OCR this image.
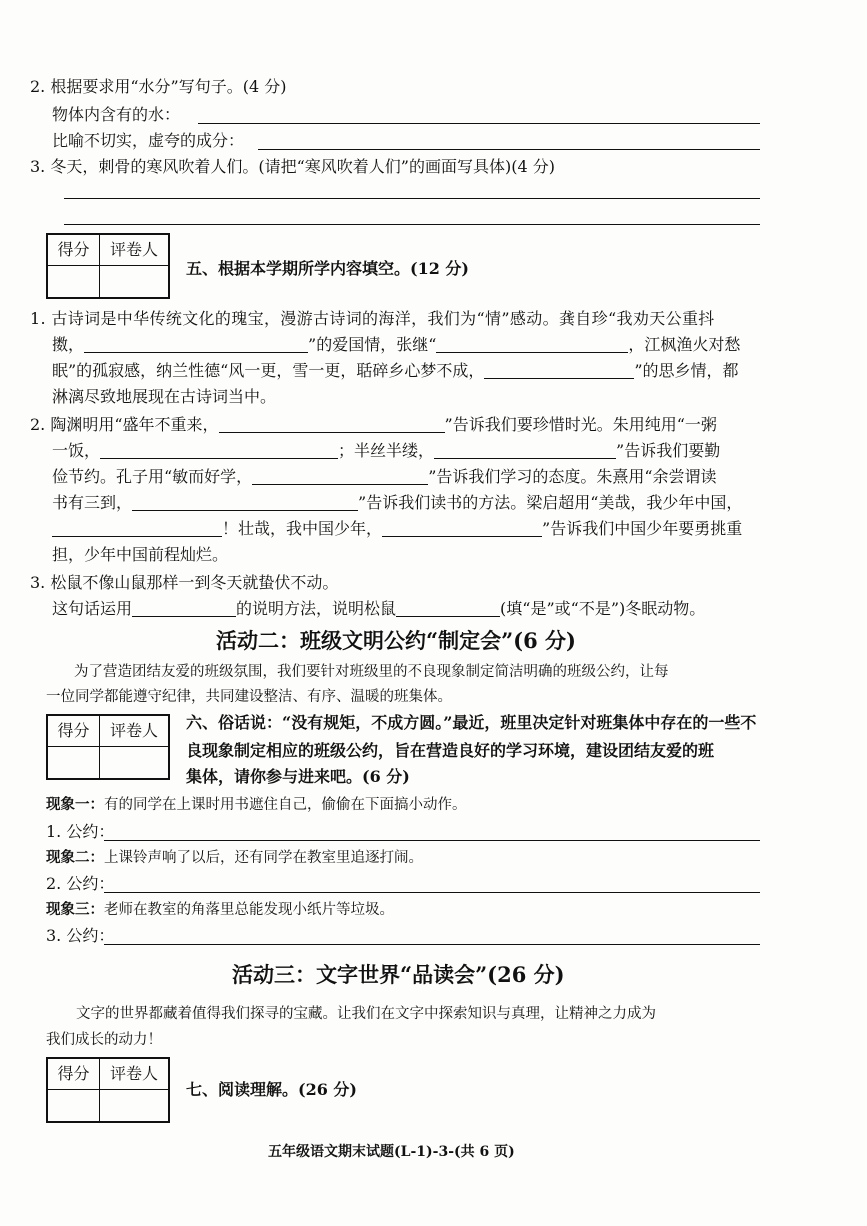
2. 根据要求用“水分”写句子。(4 分)
物体内含有的水：
比喻不切实，虚夸的成分：
3. 冬天，刺骨的寒风吹着人们。(请把“寒风吹着人们”的画面写具体)(4 分)
得分	评卷人
五、根据本学期所学内容填空。(12 分)
1. 古诗词是中华传统文化的瑰宝，漫游古诗词的海洋，我们为“情”感动。龚自珍“我劝天公重抖
擞，	”的爱国情，张继“	，江枫渔火对愁
眠”的孤寂感，纳兰性德“风一更，雪一更，聒碎乡心梦不成，	”的思乡情，都
淋漓尽致地展现在古诗词当中。
2. 陶渊明用“盛年不重来，	”告诉我们要珍惜时光。朱用纯用“一粥
一饭，	；半丝半缕，	”告诉我们要勤
俭节约。孔子用“敏而好学，	”告诉我们学习的态度。朱熹用“余尝谓读
书有三到，	”告诉我们读书的方法。梁启超用“美哉，我少年中国，
！壮哉，我中国少年，	”告诉我们中国少年要勇挑重
担，少年中国前程灿烂。
3. 松鼠不像山鼠那样一到冬天就蛰伏不动。
这句话运用	的说明方法，说明松鼠	(填“是”或“不是”)冬眠动物。
活动二：班级文明公约“制定会”(6 分)
为了营造团结友爱的班级氛围，我们要针对班级里的不良现象制定简洁明确的班级公约，让每
一位同学都能遵守纪律，共同建设整洁、有序、温暖的班集体。
得分	评卷人	六、俗话说：“没有规矩，不成方圆。”最近，班里决定针对班集体中存在的一些不
良现象制定相应的班级公约，旨在营造良好的学习环境，建设团结友爱的班
集体，请你参与进来吧。(6 分)
现象一：有的同学在上课时用书遮住自己，偷偷在下面搞小动作。
1. 公约：
现象二：上课铃声响了以后，还有同学在教室里追逐打闹。
2. 公约：
现象三：老师在教室的角落里总能发现小纸片等垃圾。
3. 公约：
活动三：文字世界“品读会”(26 分)
文字的世界都藏着值得我们探寻的宝藏。让我们在文字中探索知识与真理，让精神之力成为
我们成长的动力！
得分	评卷人
七、阅读理解。(26 分)
五年级语文期末试题(L-1)-3-(共 6 页)
